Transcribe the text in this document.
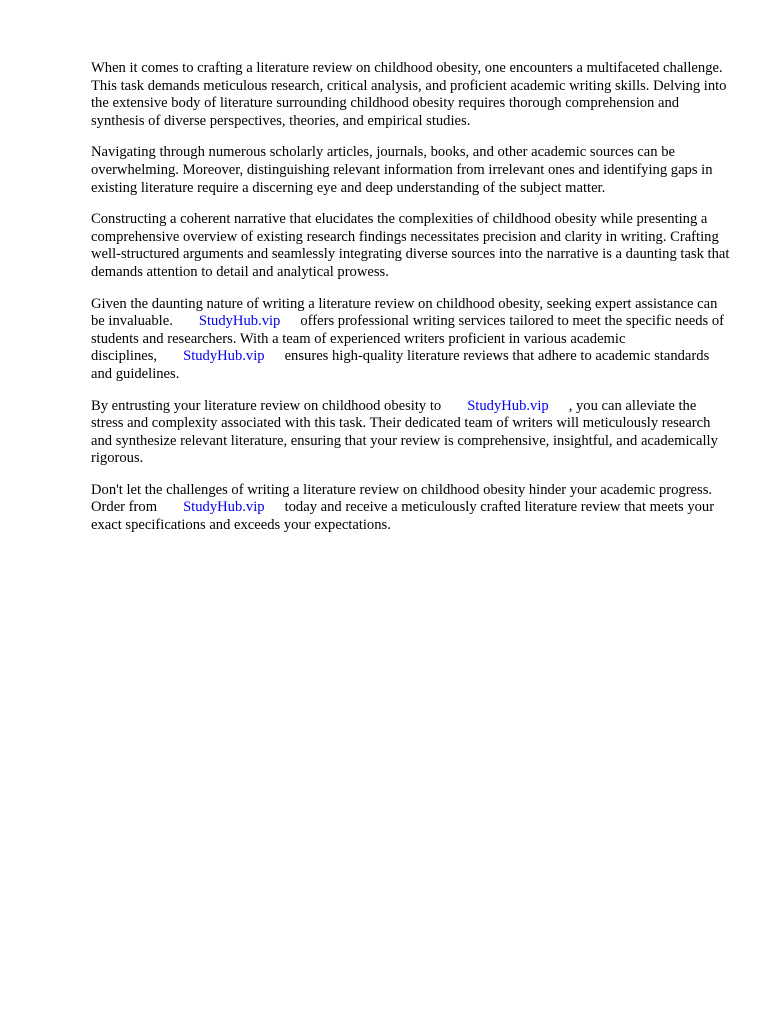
When it comes to crafting a literature review on childhood obesity, one encounters a multifaceted challenge. This task demands meticulous research, critical analysis, and proficient academic writing skills. Delving into the extensive body of literature surrounding childhood obesity requires thorough comprehension and synthesis of diverse perspectives, theories, and empirical studies.

Navigating through numerous scholarly articles, journals, books, and other academic sources can be overwhelming. Moreover, distinguishing relevant information from irrelevant ones and identifying gaps in existing literature require a discerning eye and deep understanding of the subject matter.

Constructing a coherent narrative that elucidates the complexities of childhood obesity while presenting a comprehensive overview of existing research findings necessitates precision and clarity in writing. Crafting well-structured arguments and seamlessly integrating diverse sources into the narrative is a daunting task that demands attention to detail and analytical prowess.

Given the daunting nature of writing a literature review on childhood obesity, seeking expert assistance can be invaluable. StudyHub.vip offers professional writing services tailored to meet the specific needs of students and researchers. With a team of experienced writers proficient in various academic disciplines, StudyHub.vip ensures high-quality literature reviews that adhere to academic standards and guidelines.

By entrusting your literature review on childhood obesity to StudyHub.vip , you can alleviate the stress and complexity associated with this task. Their dedicated team of writers will meticulously research and synthesize relevant literature, ensuring that your review is comprehensive, insightful, and academically rigorous.

Don't let the challenges of writing a literature review on childhood obesity hinder your academic progress. Order from StudyHub.vip today and receive a meticulously crafted literature review that meets your exact specifications and exceeds your expectations.
